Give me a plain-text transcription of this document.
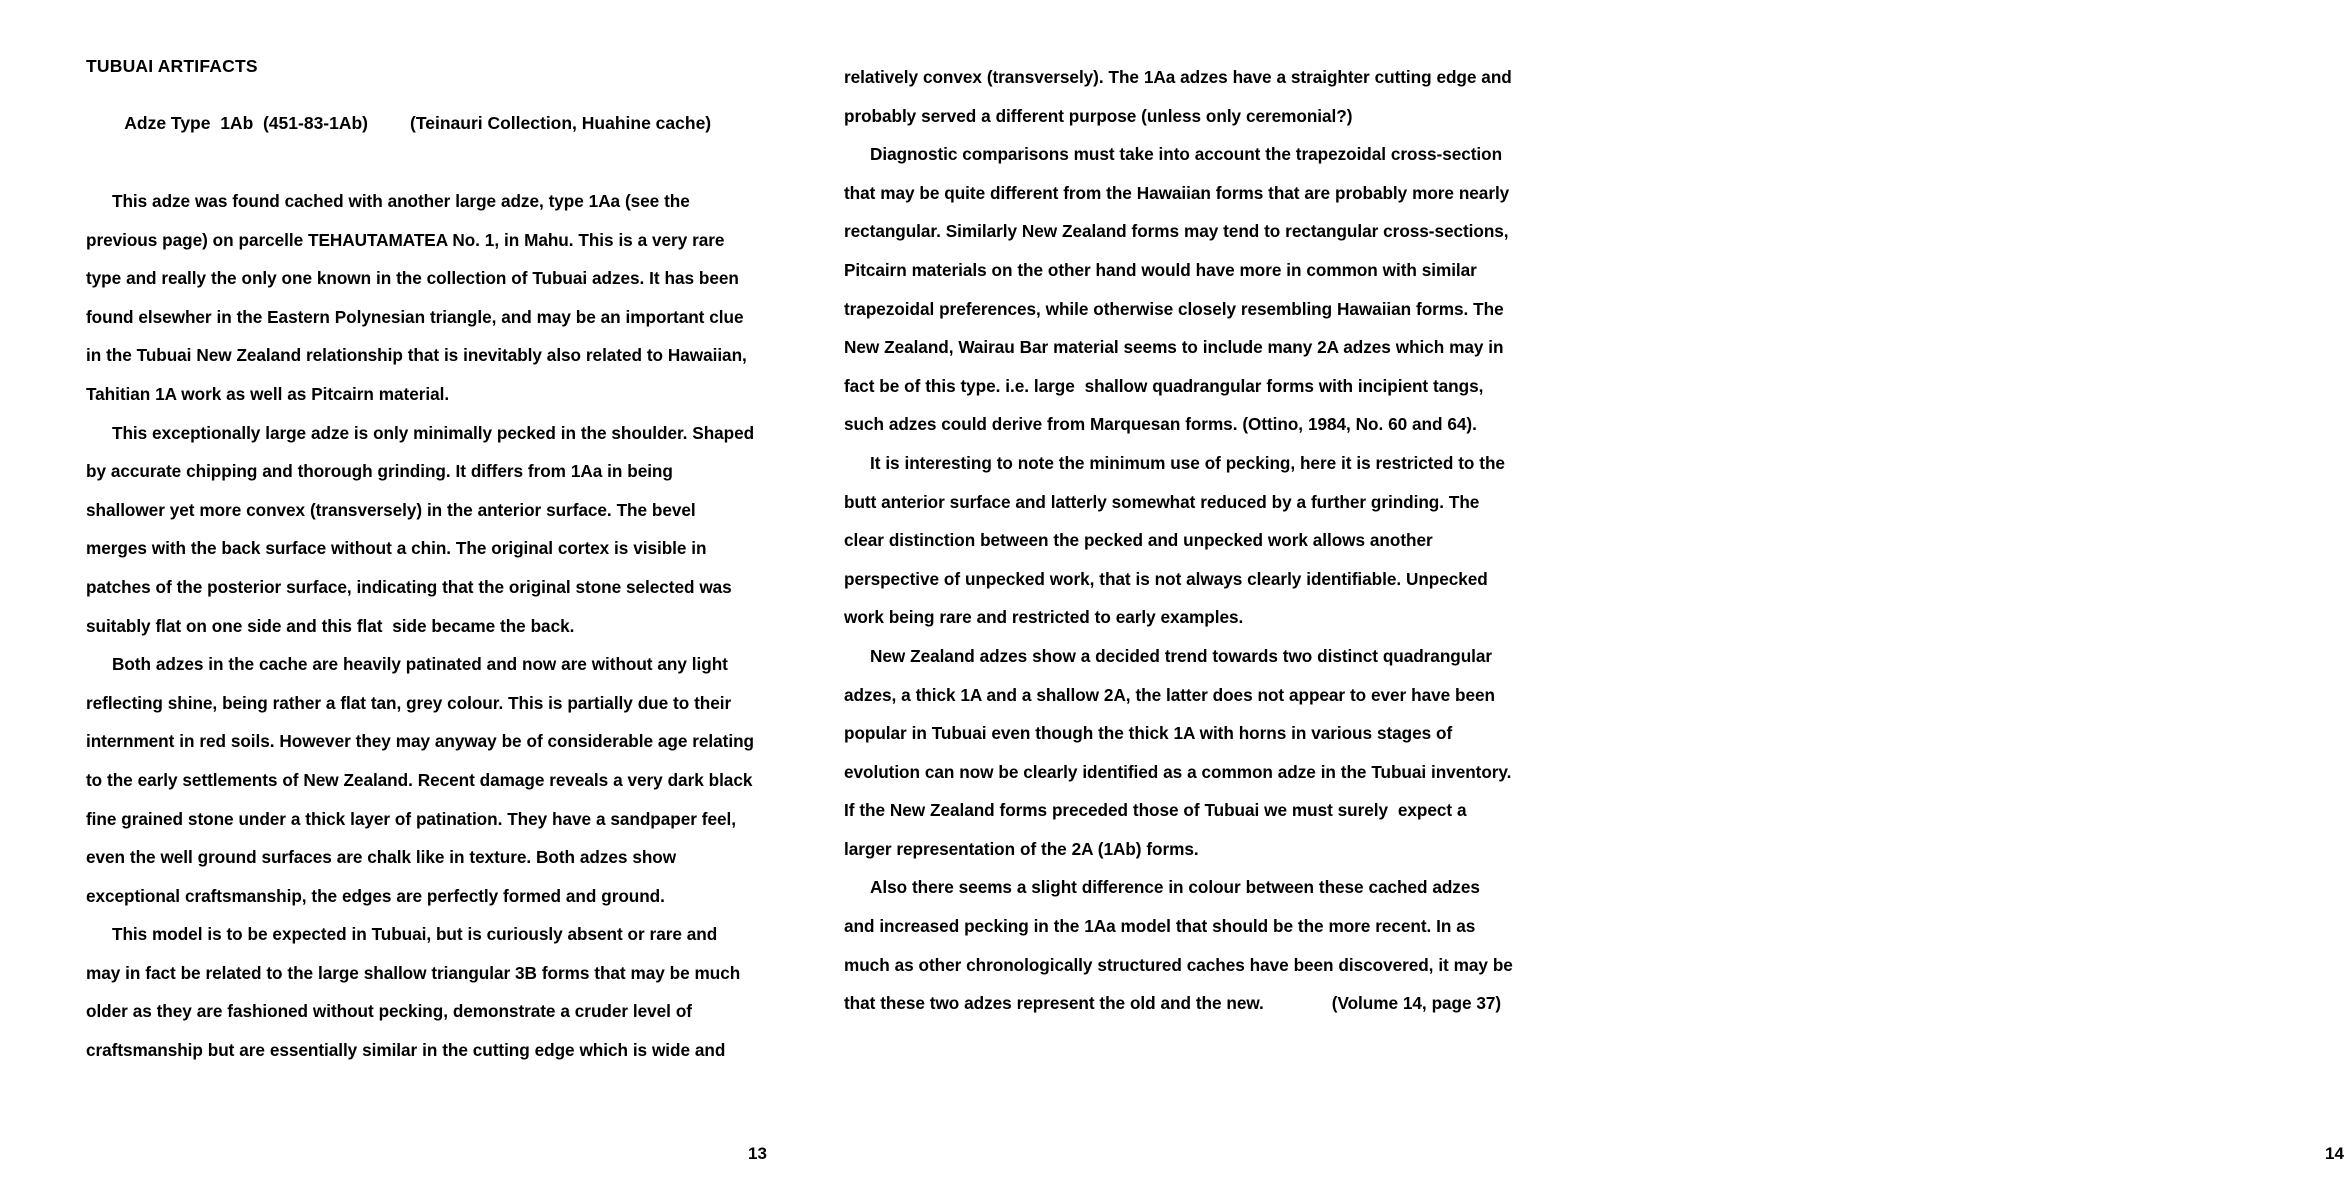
TUBUAI ARTIFACTS

Adze Type  1Ab  (451-83-1Ab) (Teinauri Collection, Huahine cache)

This adze was found cached with another large adze, type 1Aa (see the previous page) on parcelle TEHAUTAMATEA No. 1, in Mahu. This is a very rare type and really the only one known in the collection of Tubuai adzes. It has been found elsewher in the Eastern Polynesian triangle, and may be an important clue in the Tubuai New Zealand relationship that is inevitably also related to Hawaiian, Tahitian 1A work as well as Pitcairn material.

This exceptionally large adze is only minimally pecked in the shoulder. Shaped by accurate chipping and thorough grinding. It differs from 1Aa in being shallower yet more convex (transversely) in the anterior surface. The bevel merges with the back surface without a chin. The original cortex is visible in patches of the posterior surface, indicating that the original stone selected was suitably flat on one side and this flat  side became the back.

Both adzes in the cache are heavily patinated and now are without any light reflecting shine, being rather a flat tan, grey colour. This is partially due to their internment in red soils. However they may anyway be of considerable age relating to the early settlements of New Zealand. Recent damage reveals a very dark black fine grained stone under a thick layer of patination. They have a sandpaper feel, even the well ground surfaces are chalk like in texture. Both adzes show exceptional craftsmanship, the edges are perfectly formed and ground.

This model is to be expected in Tubuai, but is curiously absent or rare and may in fact be related to the large shallow triangular 3B forms that may be much older as they are fashioned without pecking, demonstrate a cruder level of craftsmanship but are essentially similar in the cutting edge which is wide and

13

relatively convex (transversely). The 1Aa adzes have a straighter cutting edge and probably served a different purpose (unless only ceremonial?)

Diagnostic comparisons must take into account the trapezoidal cross-section that may be quite different from the Hawaiian forms that are probably more nearly rectangular. Similarly New Zealand forms may tend to rectangular cross-sections, Pitcairn materials on the other hand would have more in common with similar trapezoidal preferences, while otherwise closely resembling Hawaiian forms. The New Zealand, Wairau Bar material seems to include many 2A adzes which may in fact be of this type. i.e. large  shallow quadrangular forms with incipient tangs, such adzes could derive from Marquesan forms. (Ottino, 1984, No. 60 and 64).

It is interesting to note the minimum use of pecking, here it is restricted to the butt anterior surface and latterly somewhat reduced by a further grinding. The clear distinction between the pecked and unpecked work allows another perspective of unpecked work, that is not always clearly identifiable. Unpecked work being rare and restricted to early examples.

New Zealand adzes show a decided trend towards two distinct quadrangular adzes, a thick 1A and a shallow 2A, the latter does not appear to ever have been popular in Tubuai even though the thick 1A with horns in various stages of evolution can now be clearly identified as a common adze in the Tubuai inventory. If the New Zealand forms preceded those of Tubuai we must surely  expect a larger representation of the 2A (1Ab) forms.

Also there seems a slight difference in colour between these cached adzes and increased pecking in the 1Aa model that should be the more recent. In as much as other chronologically structured caches have been discovered, it may be that these two adzes represent the old and the new.	(Volume 14, page 37)

14
